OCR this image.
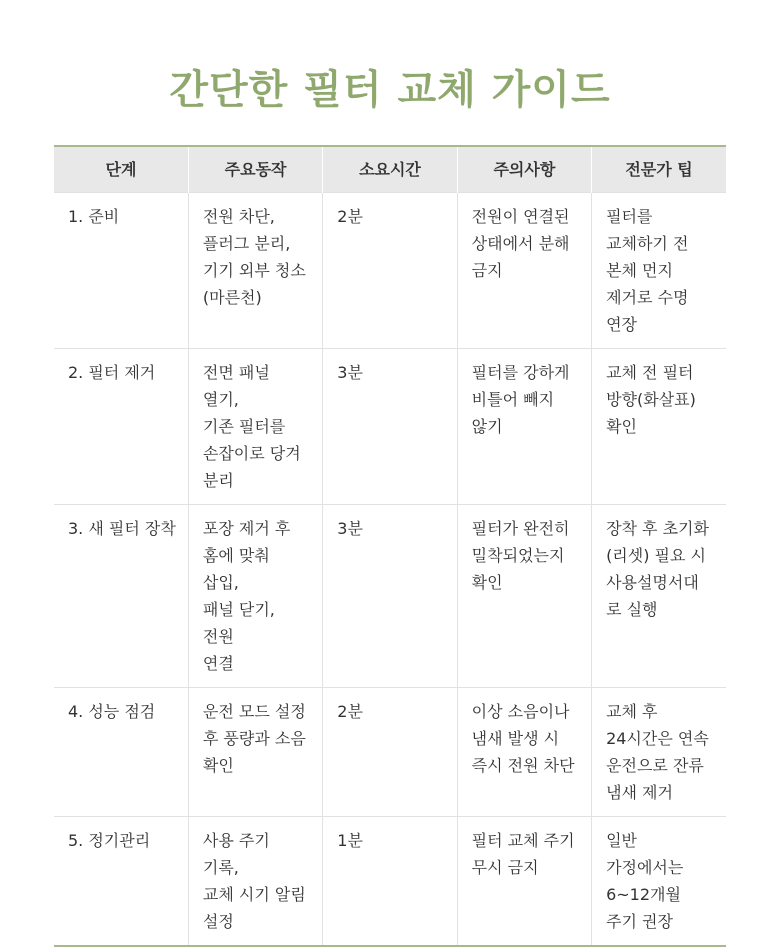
간단한 필터 교체 가이드
단계	주요동작	소요시간	주의사항	전문가 팁

1. 준비	전원 차단,
플러그 분리,
기기 외부 청소
(마른천)	2분	전원이 연결된
상태에서 분해
금지	필터를
교체하기 전
본체 먼지
제거로 수명
연장

2. 필터 제거	전면 패널 열기,
기존 필터를
손잡이로 당겨
분리	3분	필터를 강하게
비틀어 빼지
않기	교체 전 필터
방향(화살표)
확인

3. 새 필터 장착	포장 제거 후
홈에 맞춰 삽입,
패널 닫기, 전원
연결	3분	필터가 완전히
밀착되었는지
확인	장착 후 초기화
(리셋) 필요 시
사용설명서대
로 실행

4. 성능 점검	운전 모드 설정
후 풍량과 소음
확인	2분	이상 소음이나
냄새 발생 시
즉시 전원 차단	교체 후
24시간은 연속
운전으로 잔류
냄새 제거

5. 정기관리	사용 주기 기록,
교체 시기 알림
설정	1분	필터 교체 주기
무시 금지	일반
가정에서는
6~12개월
주기 권장
